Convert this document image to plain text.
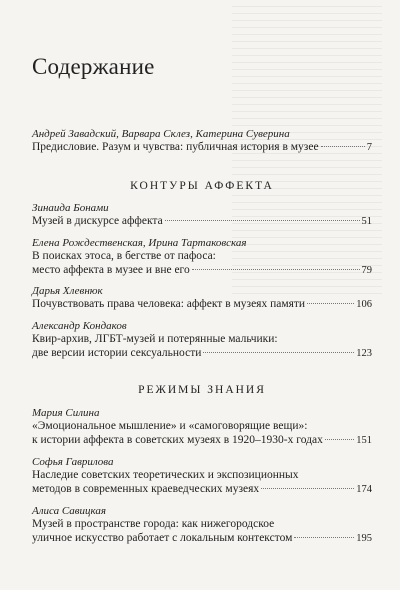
Содержание
Андрей Завадский, Варвара Склез, Катерина Суверина
Предисловие. Разум и чувства: публичная история в музее	7
КОНТУРЫ АФФЕКТА
Зинаида Бонами
Музей в дискурсе аффекта	51
Елена Рождественская, Ирина Тартаковская
В поисках этоса, в бегстве от пафоса:
место аффекта в музее и вне его	79
Дарья Хлевнюк
Почувствовать права человека: аффект в музеях памяти	106
Александр Кондаков
Квир-архив, ЛГБТ-музей и потерянные мальчики:
две версии истории сексуальности	123
РЕЖИМЫ ЗНАНИЯ
Мария Силина
«Эмоциональное мышление» и «самоговорящие вещи»:
к истории аффекта в советских музеях в 1920–1930-х годах	151
Софья Гаврилова
Наследие советских теоретических и экспозиционных
методов в современных краеведческих музеях	174
Алиса Савицкая
Музей в пространстве города: как нижегородское
уличное искусство работает с локальным контекстом	195
